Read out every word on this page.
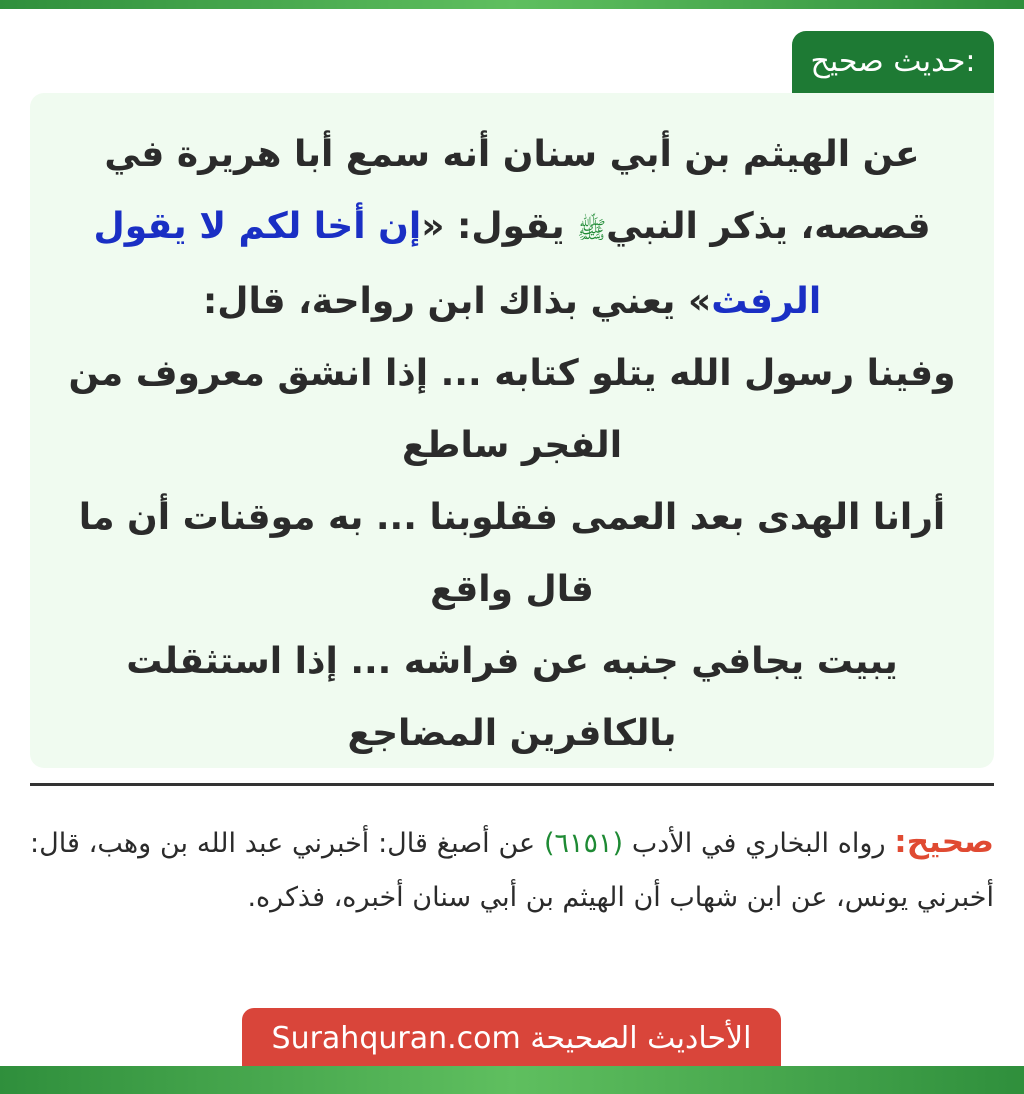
حديث صحيح:
عن الهيثم بن أبي سنان أنه سمع أبا هريرة في قصصه، يذكر النبيﷺ يقول: «إن أخا لكم لا يقول الرفث» يعني بذاك ابن رواحة، قال:
وفينا رسول الله يتلو كتابه ... إذا انشق معروف من الفجر ساطع
أرانا الهدى بعد العمى فقلوبنا ... به موقنات أن ما قال واقع
يبيت يجافي جنبه عن فراشه ... إذا استثقلت بالكافرين المضاجع
صحيح: رواه البخاري في الأدب (٦١٥١) عن أصبغ قال: أخبرني عبد الله بن وهب، قال: أخبرني يونس، عن ابن شهاب أن الهيثم بن أبي سنان أخبره، فذكره.
الأحاديث الصحيحة Surahquran.com
